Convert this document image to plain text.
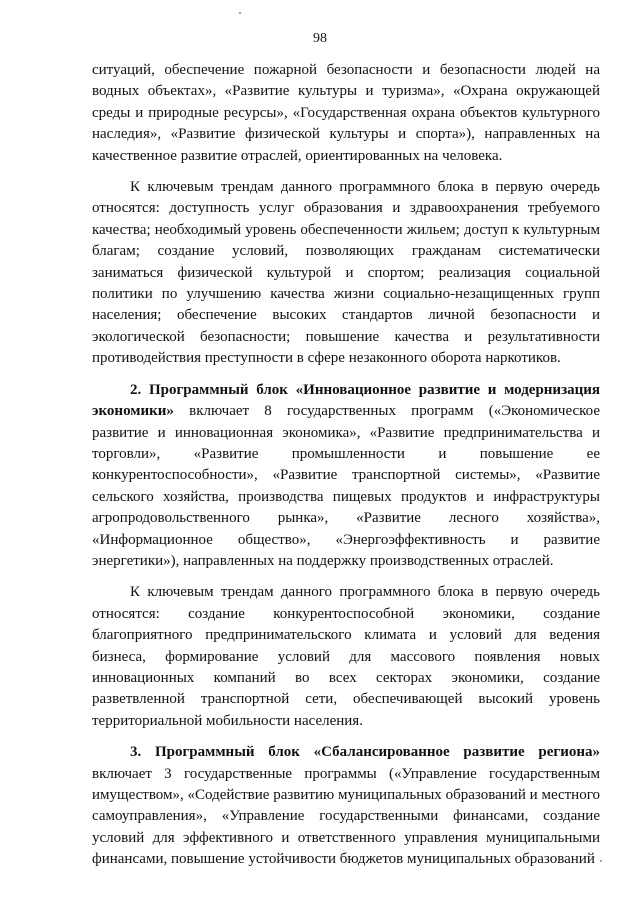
98

ситуаций, обеспечение пожарной безопасности и безопасности людей на водных объектах», «Развитие культуры и туризма», «Охрана окружающей среды и природные ресурсы», «Государственная охрана объектов культурного наследия», «Развитие физической культуры и спорта»), направленных на качественное развитие отраслей, ориентированных на человека.

К ключевым трендам данного программного блока в первую очередь относятся: доступность услуг образования и здравоохранения требуемого качества; необходимый уровень обеспеченности жильем; доступ к культурным благам; создание условий, позволяющих гражданам систематически заниматься физической культурой и спортом; реализация социальной политики по улучшению качества жизни социально-незащищенных групп населения; обеспечение высоких стандартов личной безопасности и экологической безопасности; повышение качества и результативности противодействия преступности в сфере незаконного оборота наркотиков.

2. Программный блок «Инновационное развитие и модернизация экономики» включает 8 государственных программ («Экономическое развитие и инновационная экономика», «Развитие предпринимательства и торговли», «Развитие промышленности и повышение ее конкурентоспособности», «Развитие транспортной системы», «Развитие сельского хозяйства, производства пищевых продуктов и инфраструктуры агропродовольственного рынка», «Развитие лесного хозяйства», «Информационное общество», «Энергоэффективность и развитие энергетики»), направленных на поддержку производственных отраслей.

К ключевым трендам данного программного блока в первую очередь относятся: создание конкурентоспособной экономики, создание благоприятного предпринимательского климата и условий для ведения бизнеса, формирование условий для массового появления новых инновационных компаний во всех секторах экономики, создание разветвленной транспортной сети, обеспечивающей высокий уровень территориальной мобильности населения.

3. Программный блок «Сбалансированное развитие региона» включает 3 государственные программы («Управление государственным имуществом», «Содействие развитию муниципальных образований и местного самоуправления», «Управление государственными финансами, создание условий для эффективного и ответственного управления муниципальными финансами, повышение устойчивости бюджетов муниципальных образований
